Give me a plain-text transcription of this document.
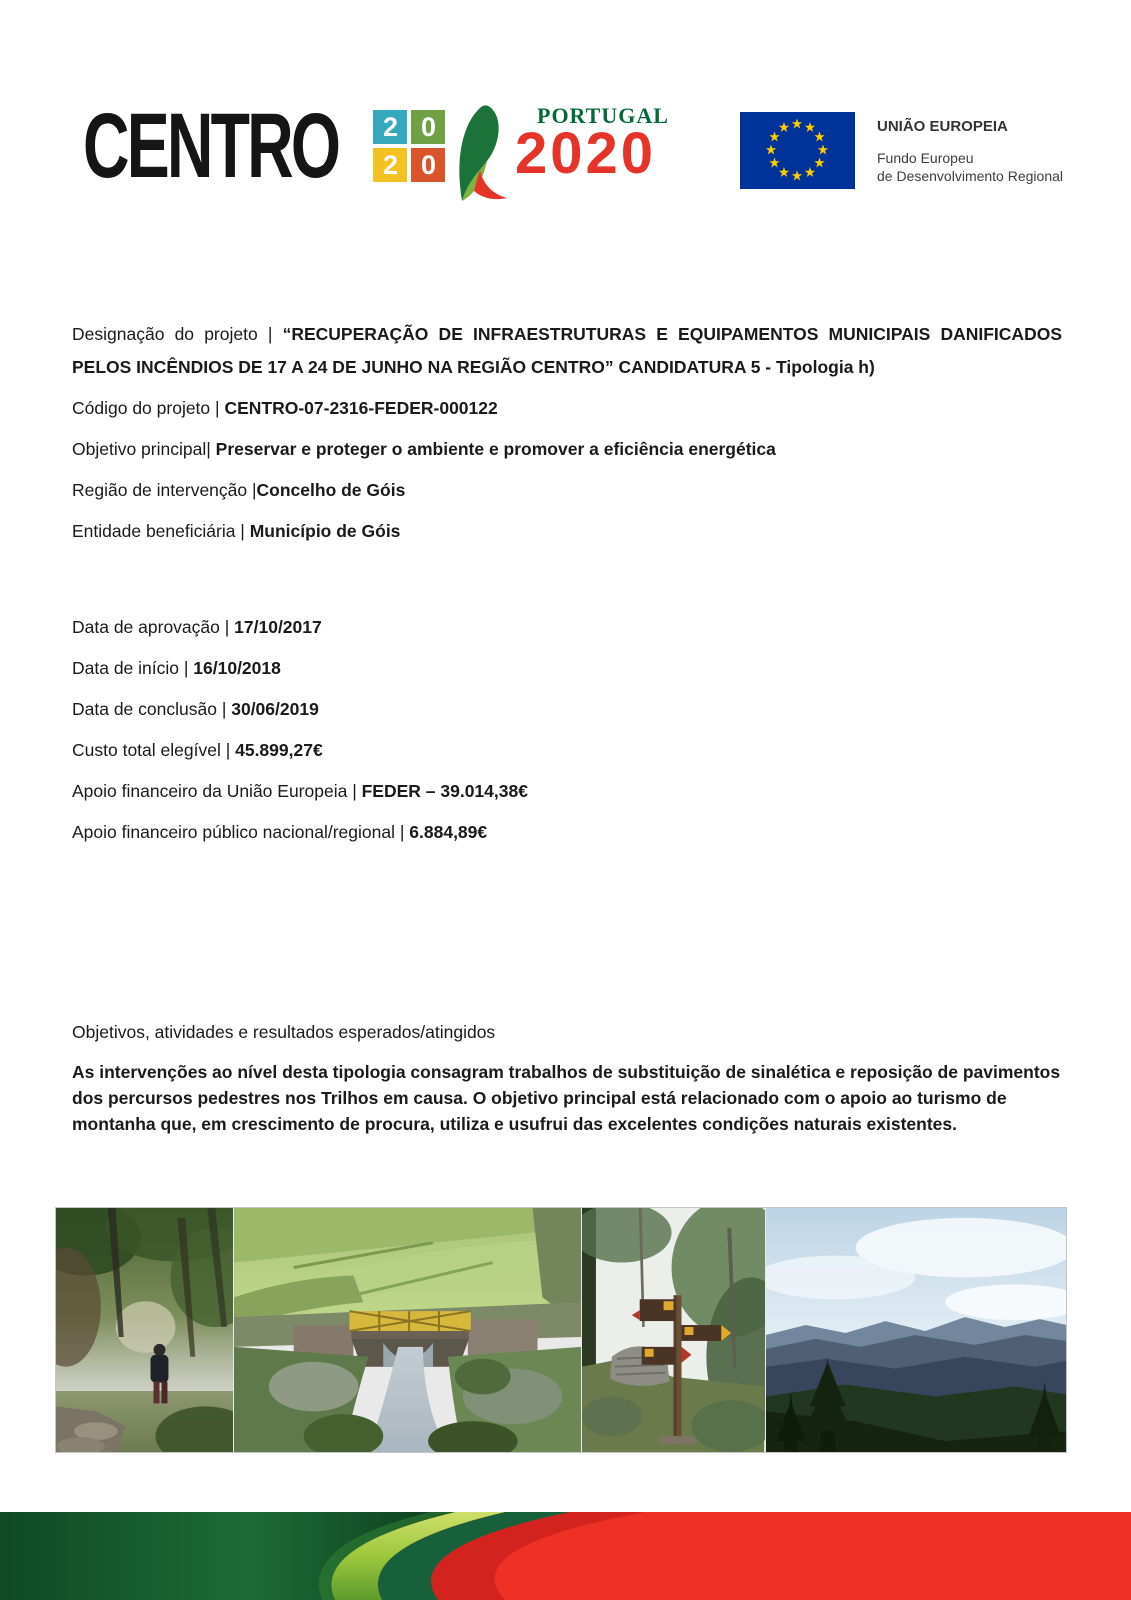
CENTRO	2 0
2 0
PORTUGAL
2020	UNIÃO EUROPEIA
Fundo Europeu
de Desenvolvimento Regional

Designação do projeto | “RECUPERAÇÃO DE INFRAESTRUTURAS E EQUIPAMENTOS MUNICIPAIS DANIFICADOS PELOS INCÊNDIOS DE 17 A 24 DE JUNHO NA REGIÃO CENTRO” CANDIDATURA 5 - Tipologia h)

Código do projeto | CENTRO-07-2316-FEDER-000122

Objetivo principal| Preservar e proteger o ambiente e promover a eficiência energética

Região de intervenção |Concelho de Góis

Entidade beneficiária | Município de Góis

Data de aprovação | 17/10/2017

Data de início | 16/10/2018

Data de conclusão | 30/06/2019

Custo total elegível | 45.899,27€

Apoio financeiro da União Europeia | FEDER – 39.014,38€

Apoio financeiro público nacional/regional | 6.884,89€

Objetivos, atividades e resultados esperados/atingidos

As intervenções ao nível desta tipologia consagram trabalhos de substituição de sinalética e reposição de pavimentos dos percursos pedestres nos Trilhos em causa. O objetivo principal está relacionado com o apoio ao turismo de montanha que, em crescimento de procura, utiliza e usufrui das excelentes condições naturais existentes.
